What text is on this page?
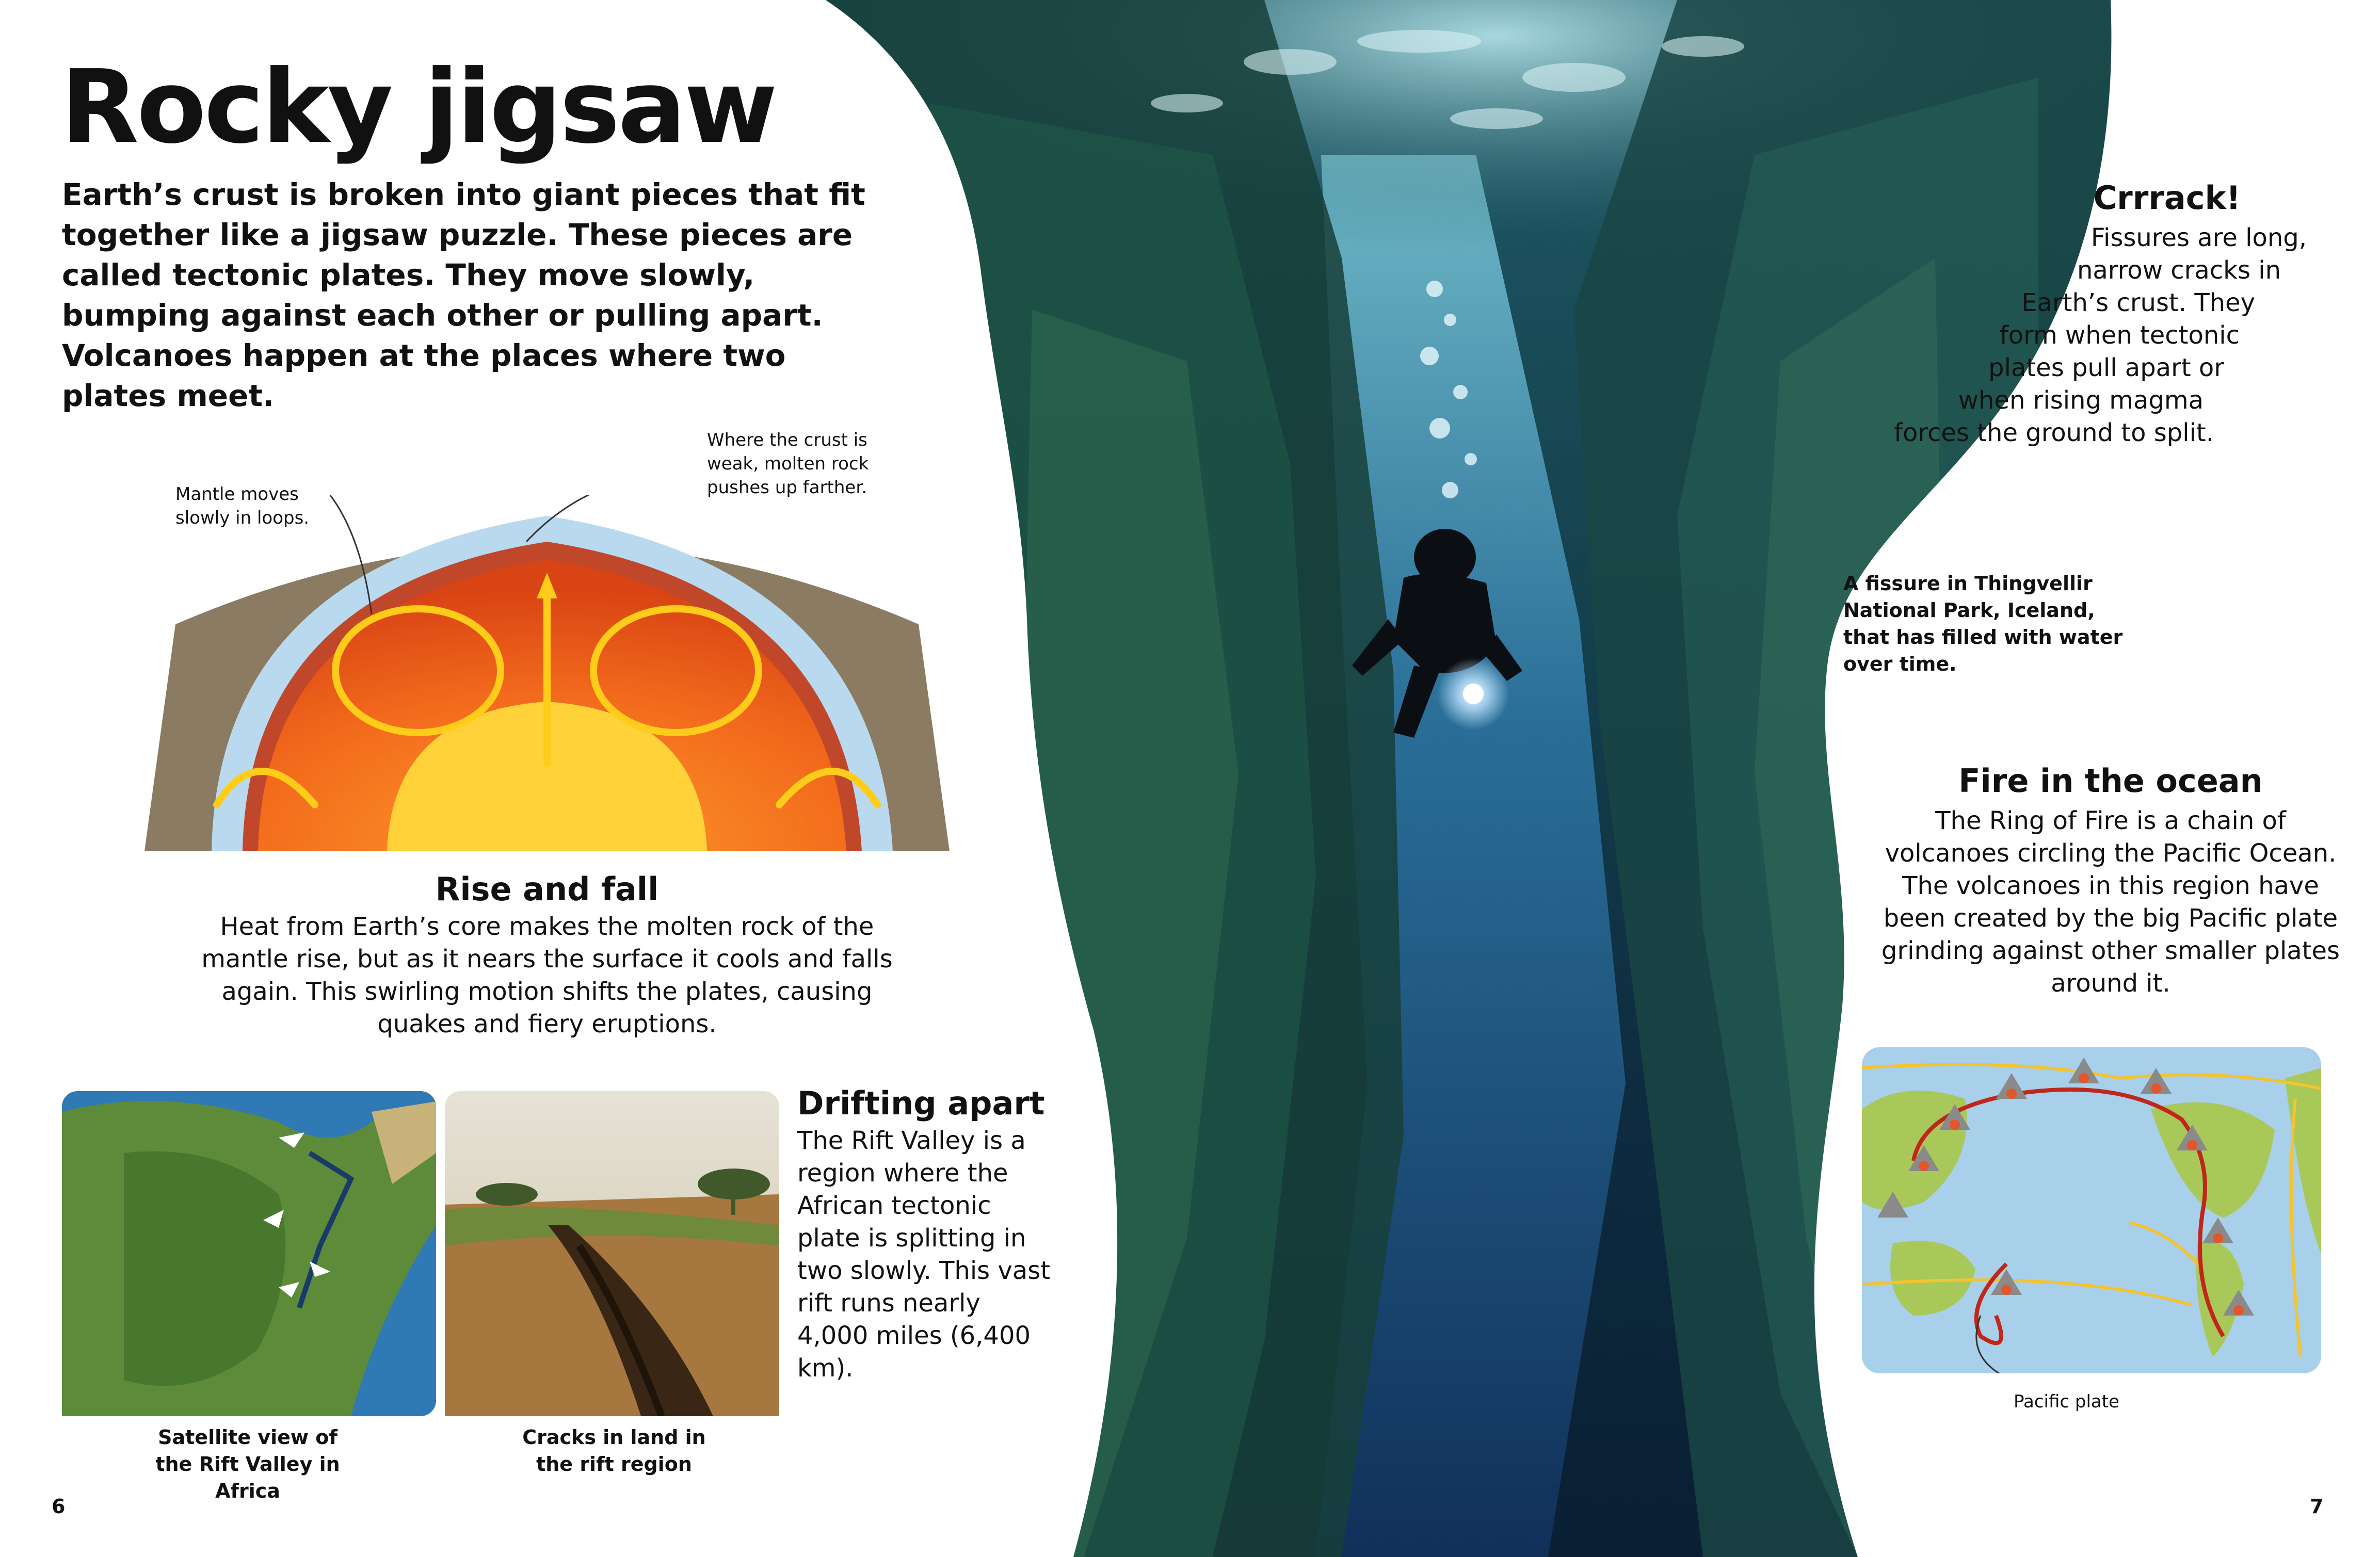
Rocky jigsaw
Earth’s crust is broken into giant pieces that fit together like a jigsaw puzzle. These pieces are called tectonic plates. They move slowly, bumping against each other or pulling apart. Volcanoes happen at the places where two plates meet.
Mantle moves slowly in loops.
Where the crust is weak, molten rock pushes up farther.
Rise and fall
Heat from Earth’s core makes the molten rock of the mantle rise, but as it nears the surface it cools and falls again. This swirling motion shifts the plates, causing quakes and fiery eruptions.
Satellite view of the Rift Valley in Africa
Cracks in land in the rift region
Drifting apart
The Rift Valley is a region where the African tectonic plate is splitting in two slowly. This vast rift runs nearly 4,000 miles (6,400 km).
6
Crrrack!
Fissures are long,
narrow cracks in
Earth’s crust. They
form when tectonic
plates pull apart or
when rising magma
forces the ground to split.
A fissure in Thingvellir National Park, Iceland, that has filled with water over time.
Fire in the ocean
The Ring of Fire is a chain of volcanoes circling the Pacific Ocean. The volcanoes in this region have been created by the big Pacific plate grinding against other smaller plates around it.
Pacific plate
7
